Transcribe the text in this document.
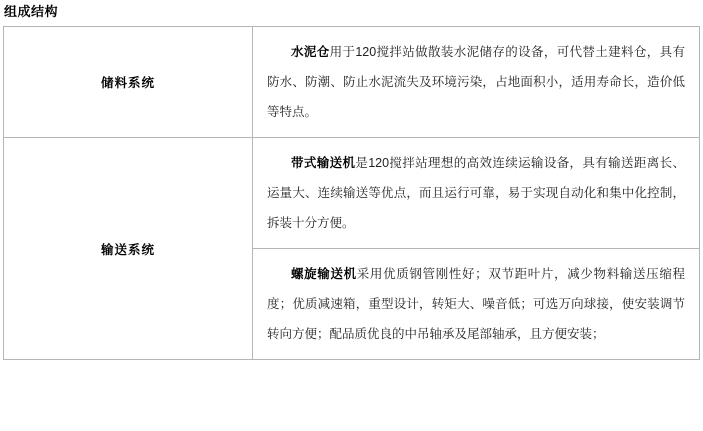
组成结构
储料系统	水泥仓用于120搅拌站做散装水泥储存的设备，可代替土建料仓，具有防水、防潮、防止水泥流失及环境污染，占地面积小，适用寿命长，造价低等特点。

输送系统	带式输送机是120搅拌站理想的高效连续运输设备，具有输送距离长、运量大、连续输送等优点，而且运行可靠，易于实现自动化和集中化控制，拆装十分方便。
螺旋输送机采用优质钢管刚性好；双节距叶片，减少物料输送压缩程度；优质减速箱，重型设计，转矩大、噪音低；可选万向球接，使安装调节转向方便；配品质优良的中吊轴承及尾部轴承，且方便安装；
